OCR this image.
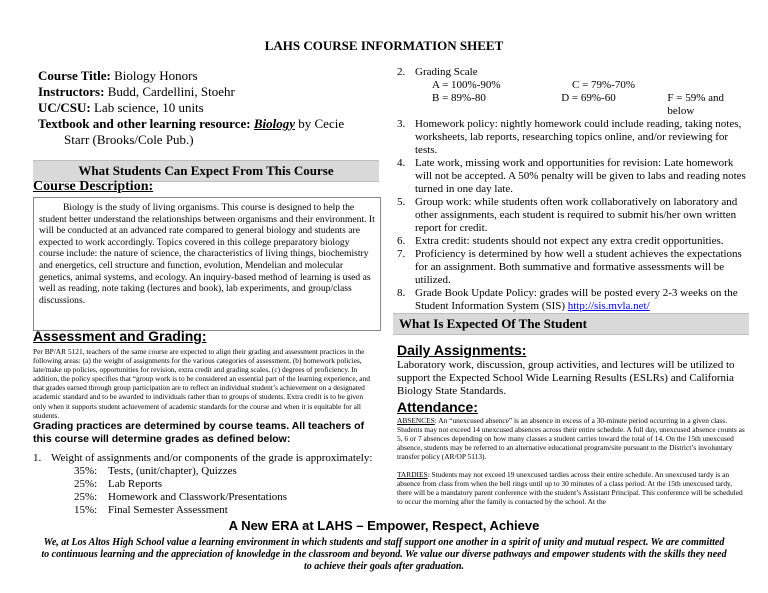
LAHS COURSE INFORMATION SHEET
Course Title: Biology Honors
Instructors: Budd, Cardellini, Stoehr
UC/CSU: Lab science, 10 units
Textbook and other learning resource: Biology by Cecie
Starr (Brooks/Cole Pub.)
What Students Can Expect From This Course
Course Description:

Biology is the study of living organisms. This course is designed to help the student better understand the relationships between organisms and their environment. It will be conducted at an advanced rate compared to general biology and students are expected to work accordingly. Topics covered in this college preparatory biology course include: the nature of science, the characteristics of living things, biochemistry and energetics, cell structure and function, evolution, Mendelian and molecular genetics, animal systems, and ecology. An inquiry-based method of learning is used as well as reading, note taking (lectures and book), lab experiments, and group/class discussions.

Assessment and Grading:
Per BP/AR 5121, teachers of the same course are expected to align their grading and assessment practices in the following areas: (a) the weight of assignments for the various categories of assessment, (b) homework policies, late/make up policies, opportunities for revision, extra credit and grading scales, (c) degrees of proficiency. In addition, the policy specifies that “group work is to be considered an essential part of the learning experience, and that grades earned through group participation are to reflect an individual student’s achievement on a designated academic standard and to be awarded to individuals rather than to groups of students. Extra credit is to be given only when it supports student achievement of academic standards for the course and when it is equitable for all students.
Grading practices are determined by course teams. All teachers of this course will determine grades as defined below:
1. Weight of assignments and/or components of the grade is approximately:
35%: Tests, (unit/chapter), Quizzes
25%: Lab Reports
25%: Homework and Classwork/Presentations
15%: Final Semester Assessment
2. Grading Scale
A = 100%-90%	C = 79%-70%
B = 89%-80	D = 69%-60	F = 59% and below
3. Homework policy: nightly homework could include reading, taking notes, worksheets, lab reports, researching topics online, and/or reviewing for tests.
4. Late work, missing work and opportunities for revision: Late homework will not be accepted. A 50% penalty will be given to labs and reading notes turned in one day late.
5. Group work: while students often work collaboratively on laboratory and other assignments, each student is required to submit his/her own written report for credit.
6. Extra credit: students should not expect any extra credit opportunities.
7. Proficiency is determined by how well a student achieves the expectations for an assignment. Both summative and formative assessments will be utilized.
8. Grade Book Update Policy: grades will be posted every 2-3 weeks on the Student Information System (SIS) http://sis.mvla.net/
What Is Expected Of The Student
Daily Assignments:
Laboratory work, discussion, group activities, and lectures will be utilized to support the Expected School Wide Learning Results (ESLRs) and California Biology State Standards.
Attendance:
ABSENCES: An “unexcused absence” is an absence in excess of a 30-minute period occurring in a given class. Students may not exceed 14 unexcused absences across their entire schedule. A full day, unexcused absence counts as 5, 6 or 7 absences depending on how many classes a student carries toward the total of 14. On the 15th unexcused absence, students may be referred to an alternative educational program/site pursuant to the District’s involuntary transfer policy (AR/OP 5113).
TARDIES: Students may not exceed 19 unexcused tardies across their entire schedule. An unexcused tardy is an absence from class from when the bell rings until up to 30 minutes of a class period. At the 15th unexcused tardy, there will be a mandatory parent conference with the student’s Assistant Principal. This conference will be scheduled to occur the morning after the family is contacted by the school. At the
A New ERA at LAHS – Empower, Respect, Achieve
We, at Los Altos High School value a learning environment in which students and staff support one another in a spirit of unity and mutual respect. We are committed to continuous learning and the appreciation of knowledge in the classroom and beyond. We value our diverse pathways and empower students with the skills they need to achieve their goals after graduation.
